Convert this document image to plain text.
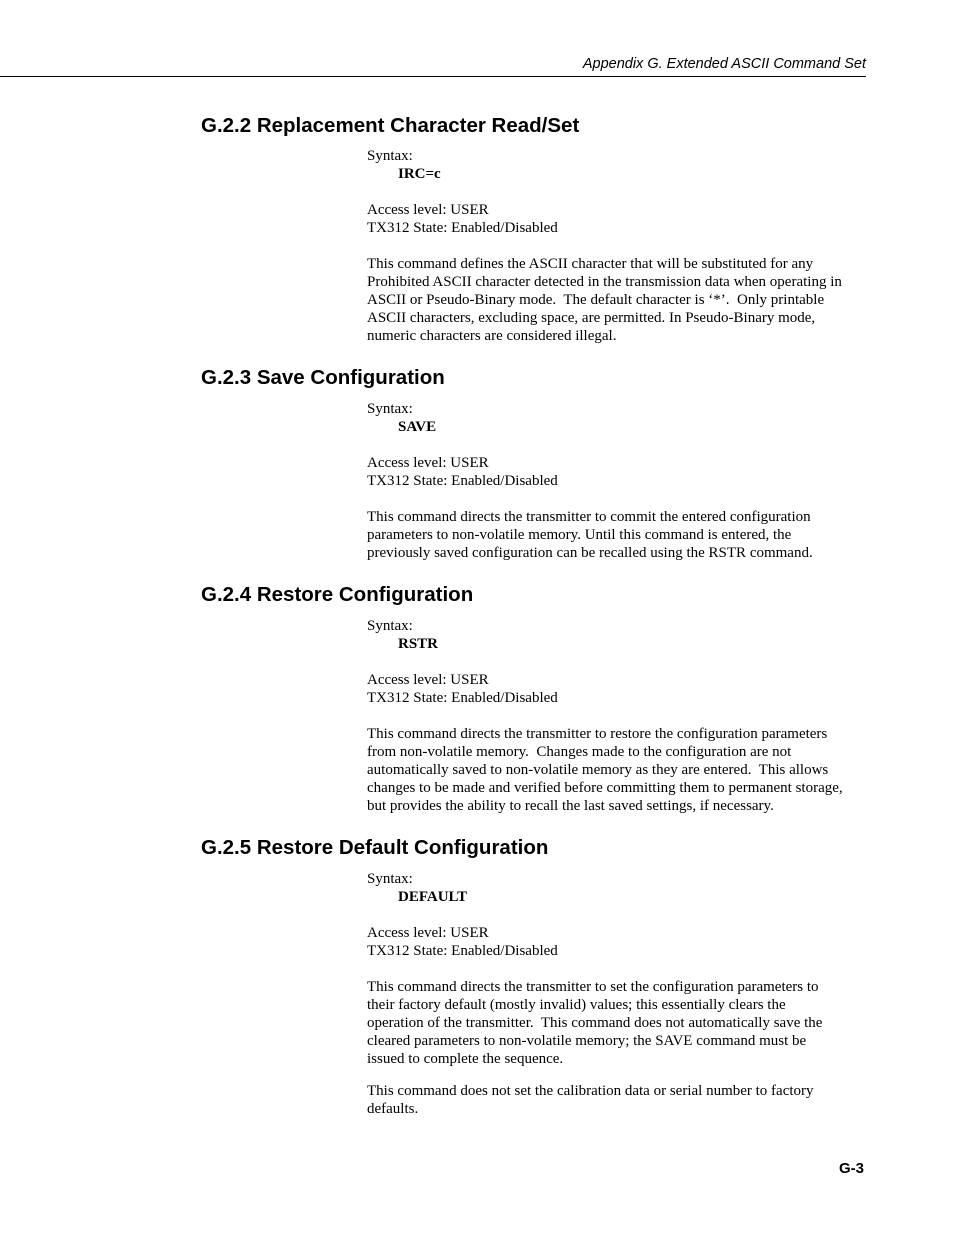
Appendix G. Extended ASCII Command Set
G.2.2 Replacement Character Read/Set
Syntax:
IRC=c
Access level: USER
TX312 State: Enabled/Disabled

This command defines the ASCII character that will be substituted for any
Prohibited ASCII character detected in the transmission data when operating in
ASCII or Pseudo-Binary mode.  The default character is ‘*’.  Only printable
ASCII characters, excluding space, are permitted. In Pseudo-Binary mode,
numeric characters are considered illegal.

G.2.3 Save Configuration
Syntax:
SAVE
Access level: USER
TX312 State: Enabled/Disabled

This command directs the transmitter to commit the entered configuration
parameters to non-volatile memory. Until this command is entered, the
previously saved configuration can be recalled using the RSTR command.

G.2.4 Restore Configuration
Syntax:
RSTR
Access level: USER
TX312 State: Enabled/Disabled

This command directs the transmitter to restore the configuration parameters
from non-volatile memory.  Changes made to the configuration are not
automatically saved to non-volatile memory as they are entered.  This allows
changes to be made and verified before committing them to permanent storage,
but provides the ability to recall the last saved settings, if necessary.

G.2.5 Restore Default Configuration
Syntax:
DEFAULT
Access level: USER
TX312 State: Enabled/Disabled

This command directs the transmitter to set the configuration parameters to
their factory default (mostly invalid) values; this essentially clears the
operation of the transmitter.  This command does not automatically save the
cleared parameters to non-volatile memory; the SAVE command must be
issued to complete the sequence.

This command does not set the calibration data or serial number to factory
defaults.

G-3
